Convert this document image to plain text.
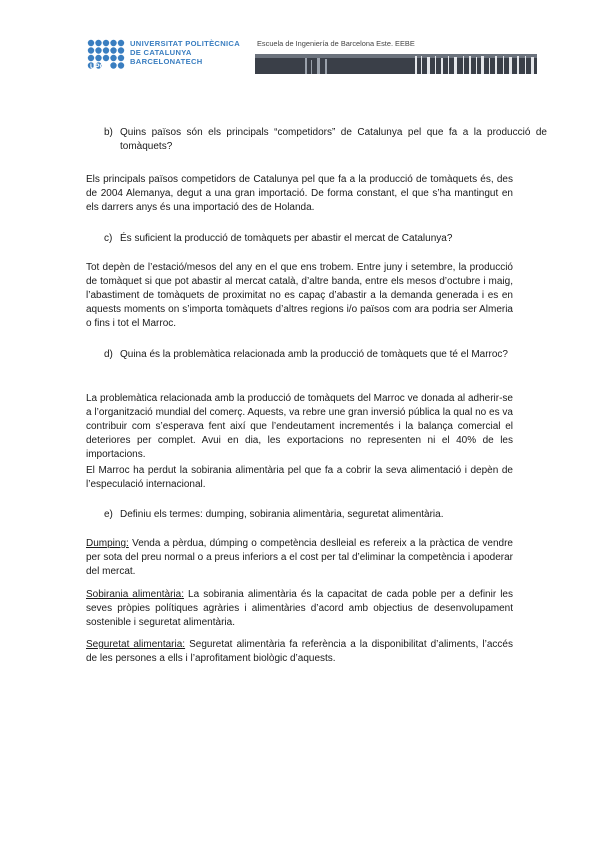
UPC
UNIVERSITAT POLITÈCNICA
DE CATALUNYA
BARCELONATECH
Escuela de Ingeniería de Barcelona Este. EEBE
b) Quins països són els principals “competidors” de Catalunya pel que fa a la producció de tomàquets?

Els principals països competidors de Catalunya pel que fa a la producció de tomàquets és, des de 2004 Alemanya, degut a una gran importació. De forma constant, el que s’ha mantingut en els darrers anys és una importació des de Holanda.

c) És suficient la producció de tomàquets per abastir el mercat de Catalunya?

Tot depèn de l’estació/mesos del any en el que ens trobem. Entre juny i setembre, la producció de tomàquet si que pot abastir al mercat català, d’altre banda, entre els mesos d’octubre i maig, l’abastiment de tomàquets de proximitat no es capaç d’abastir a la demanda generada i es en aquests moments on s’importa tomàquets d’altres regions i/o països com ara podria ser Almeria o fins i tot el Marroc.

d) Quina és la problemàtica relacionada amb la producció de tomàquets que té el Marroc?

La problemàtica relacionada amb la producció de tomàquets del Marroc ve donada al adherir-se a l’organització mundial del comerç. Aquests, va rebre une gran inversió pública la qual no es va contribuir com s’esperava fent així que l’endeutament incrementés i la balança comercial el deteriores per complet. Avui en dia, les exportacions no representen ni el 40% de les importacions.

El Marroc ha perdut la sobirania alimentària pel que fa a cobrir la seva alimentació i depèn de l’especulació internacional.

e) Definiu els termes: dumping, sobirania alimentària, seguretat alimentària.

Dumping: Venda a pèrdua, dúmping o competència deslleial es refereix a la pràctica de vendre per sota del preu normal o a preus inferiors a el cost per tal d’eliminar la competència i apoderar del mercat.

Sobirania alimentària: La sobirania alimentària és la capacitat de cada poble per a definir les seves pròpies polítiques agràries i alimentàries d’acord amb objectius de desenvolupament sostenible i seguretat alimentària.

Seguretat alimentaria: Seguretat alimentària fa referència a la disponibilitat d’aliments, l’accés de les persones a ells i l’aprofitament biològic d’aquests.
